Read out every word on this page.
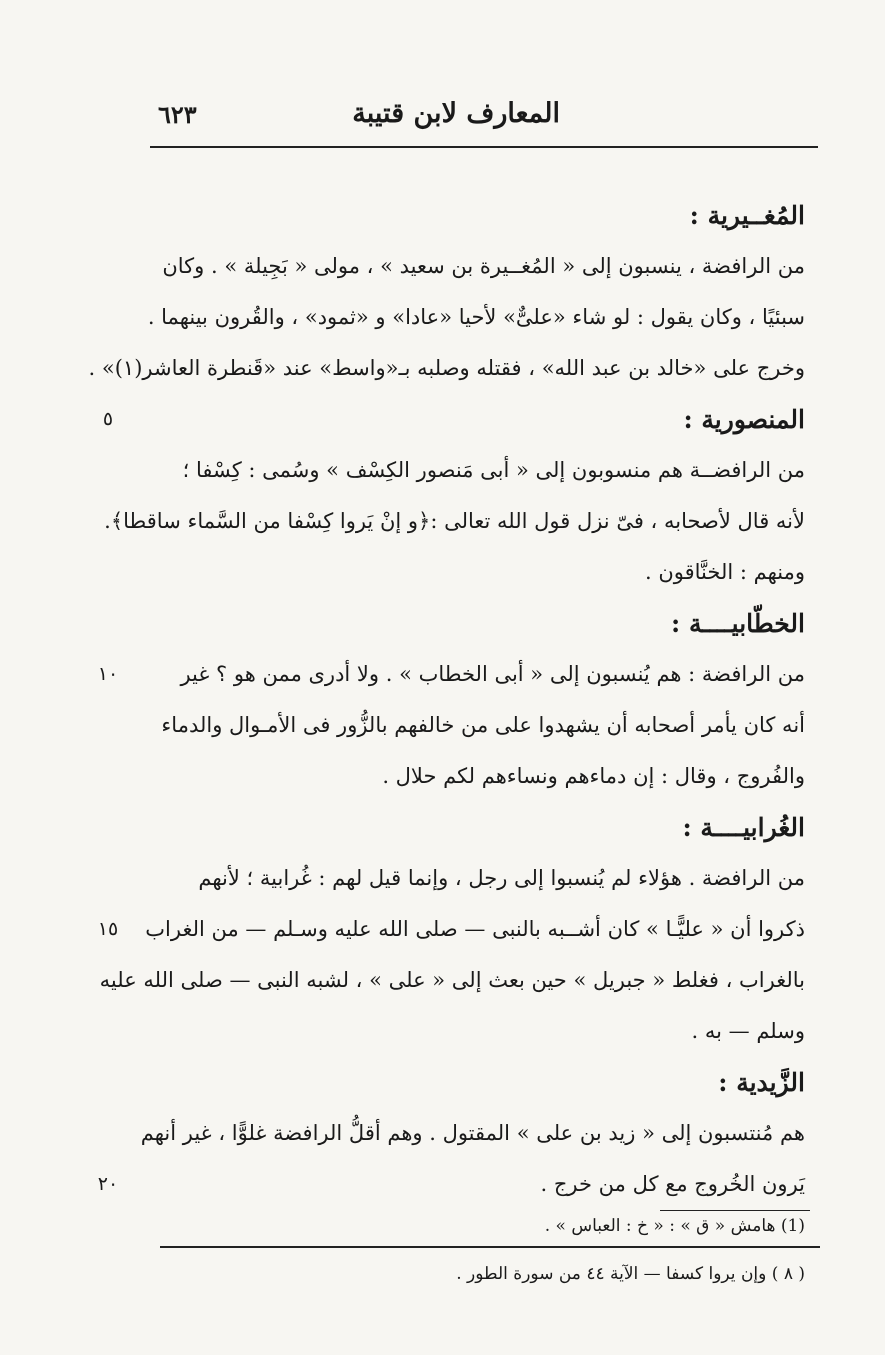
المعارف لابن قتيبة
٦٢٣
المُغــيرية :
من الرافضة ، ينسبون إلى « المُغــيرة بن سعيد » ، مولى « بَجِيلة » . وكان
سبئيًا ، وكان يقول : لو شاء «علىٌّ» لأحيا «عادا» و «ثمود» ، والقُرون بينهما .
وخرج على «خالد بن عبد الله» ، فقتله وصلبه بـ«واسط» عند «قَنطرة العاشر(١)» .
المنصورية :
من الرافضــة هم منسوبون إلى « أبى مَنصور الكِسْف » وسُمى : كِسْفا ؛
لأنه قال لأصحابه ، فىّ نزل قول الله تعالى :﴿و إنْ يَروا كِسْفا من السَّماء ساقطا﴾.
ومنهم : الخنَّاقون .
الخطّابيــــة :
من الرافضة : هم يُنسبون إلى « أبى الخطاب » . ولا أدرى ممن هو ؟ غير
أنه كان يأمر أصحابه أن يشهدوا على من خالفهم بالزُّور فى الأمـوال والدماء
والفُروج ، وقال : إن دماءهم ونساءهم لكم حلال .
الغُرابيــــة :
من الرافضة . هؤلاء لم يُنسبوا إلى رجل ، وإنما قيل لهم : غُرابية ؛ لأنهم
ذكروا أن « عليًّـا » كان أشــبه بالنبى — صلى الله عليه وسـلم — من الغراب
بالغراب ، فغلط « جبريل » حين بعث إلى « على » ، لشبه النبى — صلى الله عليه
وسلم — به .
الزَّيدية :
هم مُنتسبون إلى « زيد بن على » المقتول . وهم أقلُّ الرافضة غلوًّا ، غير أنهم
يَرون الخُروج مع كل من خرج .
٥
١٠
١٥
٢٠
(1) هامش « ق » : « خ : العباس » .
( ٨ ) وإن يروا كسفا — الآية ٤٤ من سورة الطور .
